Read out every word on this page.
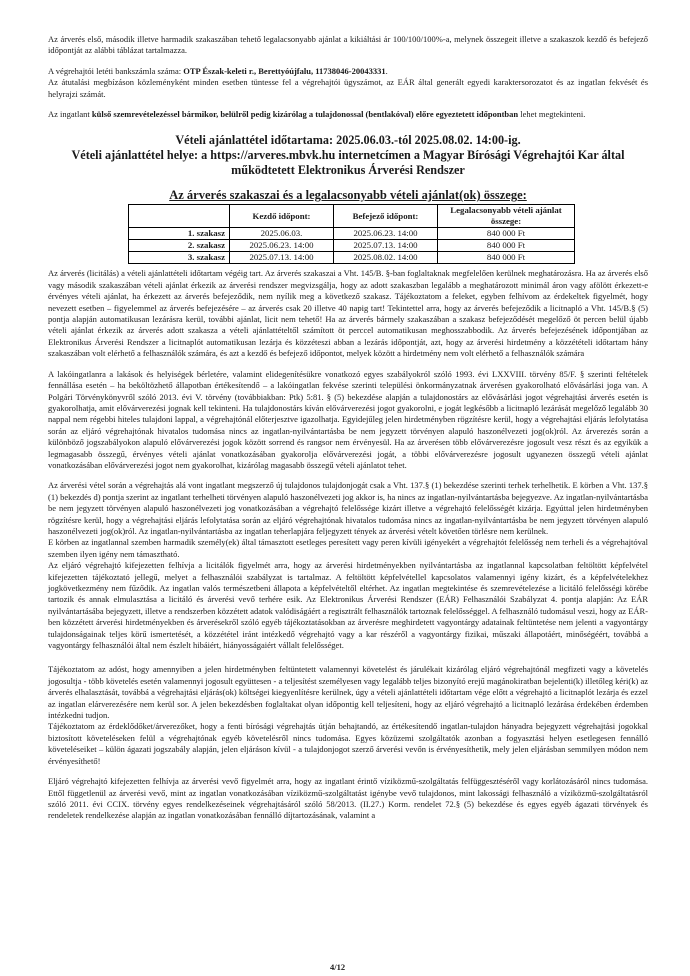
Az árverés első, második illetve harmadik szakaszában tehető legalacsonyabb ajánlat a kikiáltási ár 100/100/100%-a, melynek összegeit illetve a szakaszok kezdő és befejező időpontját az alábbi táblázat tartalmazza.

A végrehajtói letéti bankszámla száma: OTP Észak-keleti r., Berettyóújfalu, 11738046-20043331.

Az átutalási megbízáson közleményként minden esetben tüntesse fel a végrehajtói ügyszámot, az EÁR által generált egyedi karaktersorozatot és az ingatlan fekvését és helyrajzi számát.

Az ingatlant külső szemrevételezéssel bármikor, belülről pedig kizárólag a tulajdonossal (bentlakóval) előre egyeztetett időpontban lehet megtekinteni.

Vételi ajánlattétel időtartama: 2025.06.03.-tól 2025.08.02. 14:00-ig.
Vételi ajánlattétel helye: a https://arveres.mbvk.hu internetcímen a Magyar Bírósági Végrehajtói Kar által működtetett Elektronikus Árverési Rendszer
Az árverés szakaszai és a legalacsonyabb vételi ajánlat(ok) összege:
	Kezdő időpont:	Befejező időpont:	Legalacsonyabb vételi ajánlat összege:
1. szakasz	2025.06.03.	2025.06.23. 14:00	840 000 Ft
2. szakasz	2025.06.23. 14:00	2025.07.13. 14:00	840 000 Ft
3. szakasz	2025.07.13. 14:00	2025.08.02. 14:00	840 000 Ft

Az árverés (licitálás) a vételi ajánlattételi időtartam végéig tart. Az árverés szakaszai a Vht. 145/B. §-ban foglaltaknak megfelelően kerülnek meghatározásra. Ha az árverés első vagy második szakaszában vételi ajánlat érkezik az árverési rendszer megvizsgálja, hogy az adott szakaszban legalább a meghatározott minimál áron vagy afölött érkezett-e érvényes vételi ajánlat, ha érkezett az árverés befejeződik, nem nyílik meg a következő szakasz. Tájékoztatom a feleket, egyben felhívom az érdekeltek figyelmét, hogy nevezett esetben – figyelemmel az árverés befejezésére – az árverés csak 20 illetve 40 napig tart! Tekintettel arra, hogy az árverés befejeződik a licitnapló a Vht. 145/B.§ (5) pontja alapján automatikusan lezárásra kerül, további ajánlat, licit nem tehető! Ha az árverés bármely szakaszában a szakasz befejeződését megelőző öt percen belül újabb vételi ajánlat érkezik az árverés adott szakasza a vételi ajánlattételtől számított öt perccel automatikusan meghosszabbodik. Az árverés befejezésének időpontjában az Elektronikus Árverési Rendszer a licitnaplót automatikusan lezárja és közzéteszi abban a lezárás időpontját, azt, hogy az árverési hirdetmény a közzétételi időtartam hány szakaszában volt elérhető a felhasználók számára, és azt a kezdő és befejező időpontot, melyek között a hirdetmény nem volt elérhető a felhasználók számára

A lakóingatlanra a lakások és helyiségek bérletére, valamint elidegenítésükre vonatkozó egyes szabályokról szóló 1993. évi LXXVIII. törvény 85/F. § szerinti feltételek fennállása esetén – ha beköltözhető állapotban értékesítendő – a lakóingatlan fekvése szerinti települési önkormányzatnak árverésen gyakorolható elővásárlási joga van. A Polgári Törvénykönyvről szóló 2013. évi V. törvény (továbbiakban: Ptk) 5:81. § (5) bekezdése alapján a tulajdonostárs az elővásárlási jogot végrehajtási árverés esetén is gyakorolhatja, amit elővárverezési jognak kell tekinteni. Ha tulajdonostárs kíván elővárverezési jogot gyakorolni, e jogát legkésőbb a licitnapló lezárását megelőző legalább 30 nappal nem régebbi hiteles tulajdoni lappal, a végrehajtónál előterjesztve igazolhatja. Egyidejűleg jelen hirdetményben rögzítésre kerül, hogy a végrehajtási eljárás lefolytatása során az eljáró végrehajtónak hivatalos tudomása nincs az ingatlan-nyilvántartásba be nem jegyzett törvényen alapuló haszonélvezeti jog(ok)ról. Az árverezés során a különböző jogszabályokon alapuló elővárverezési jogok között sorrend és rangsor nem érvényesül. Ha az árverésen több elővárverezésre jogosult vesz részt és az egyikük a legmagasabb összegű, érvényes vételi ajánlat vonatkozásában gyakorolja elővárverezési jogát, a többi elővárverezésre jogosult ugyanezen összegű vételi ajánlat vonatkozásában elővárverezési jogot nem gyakorolhat, kizárólag magasabb összegű vételi ajánlatot tehet.

Az árverési vétel során a végrehajtás alá vont ingatlant megszerző új tulajdonos tulajdonjogát csak a Vht. 137.§ (1) bekezdése szerinti terhek terhelhetik. E körben a Vht. 137.§ (1) bekezdés d) pontja szerint az ingatlant terhelheti törvényen alapuló haszonélvezeti jog akkor is, ha nincs az ingatlan-nyilvántartásba bejegyezve. Az ingatlan-nyilvántartásba be nem jegyzett törvényen alapuló haszonélvezeti jog vonatkozásában a végrehajtó felelőssége kizárt illetve a végrehajtó felelősségét kizárja. Egyúttal jelen hirdetményben rögzítésre kerül, hogy a végrehajtási eljárás lefolytatása során az eljáró végrehajtónak hivatalos tudomása nincs az ingatlan-nyilvántartásba be nem jegyzett törvényen alapuló haszonélvezeti jog(ok)ról. Az ingatlan-nyilvántartásba az ingatlan teherlapjára feljegyzett tények az árverési vételt követően törlésre nem kerülnek.

E körben az ingatlannal szemben harmadik személy(ek) által támasztott esetleges peresített vagy peren kívüli igényekért a végrehajtót felelősség nem terheli és a végrehajtóval szemben ilyen igény nem támasztható.

Az eljáró végrehajtó kifejezetten felhívja a licitálók figyelmét arra, hogy az árverési hirdetményekben nyilvántartásba az ingatlannal kapcsolatban feltöltött képfelvétel kifejezetten tájékoztató jellegű, melyet a felhasználói szabályzat is tartalmaz. A feltöltött képfelvétellel kapcsolatos valamennyi igény kizárt, és a képfelvételekhez jogkövetkezmény nem fűződik. Az ingatlan valós természetbeni állapota a képfelvételtől eltérhet. Az ingatlan megtekintése és szemrevételezése a licitáló felelősségi körébe tartozik és annak elmulasztása a licitáló és árverési vevő terhére esik. Az Elektronikus Árverési Rendszer (EÁR) Felhasználói Szabályzat 4. pontja alapján: Az EÁR nyilvántartásába bejegyzett, illetve a rendszerben közzétett adatok valódiságáért a regisztrált felhasználók tartoznak felelősséggel. A felhasználó tudomásul veszi, hogy az EÁR-ben közzétett árverési hirdetményekben és árverésekről szóló egyéb tájékoztatásokban az árverésre meghirdetett vagyontárgy adatainak feltüntetése nem jelenti a vagyontárgy tulajdonságainak teljes körű ismertetését, a közzététel iránt intézkedő végrehajtó vagy a kar részéről a vagyontárgy fizikai, műszaki állapotáért, minőségéért, továbbá a vagyontárgy felhasználói által nem észlelt hibáiért, hiányosságaiért vállalt felelősséget.

Tájékoztatom az adóst, hogy amennyiben a jelen hirdetményben feltüntetett valamennyi követelést és járulékait kizárólag eljáró végrehajtónál megfizeti vagy a követelés jogosultja - több követelés esetén valamennyi jogosult együttesen - a teljesítést személyesen vagy legalább teljes bizonyító erejű magánokiratban bejelenti(k) illetőleg kéri(k) az árverés elhalasztását, továbbá a végrehajtási eljárás(ok) költségei kiegyenlítésre kerülnek, úgy a vételi ajánlattételi időtartam vége előtt a végrehajtó a licitnaplót lezárja és ezzel az ingatlan elárverezésére nem kerül sor. A jelen bekezdésben foglaltakat olyan időpontig kell teljesíteni, hogy az eljáró végrehajtó a licitnapló lezárása érdekében érdemben intézkedni tudjon.

Tájékoztatom az érdeklődőket/árverezőket, hogy a fenti bírósági végrehajtás útján behajtandó, az értékesítendő ingatlan-tulajdon hányadra bejegyzett végrehajtási jogokkal biztosított követeléseken felül a végrehajtónak egyéb követelésről nincs tudomása. Egyes közüzemi szolgáltatók azonban a fogyasztási helyen esetlegesen fennálló követeléseiket – külön ágazati jogszabály alapján, jelen eljáráson kívül - a tulajdonjogot szerző árverési vevőn is érvényesíthetik, mely jelen eljárásban semmilyen módon nem érvényesíthető!

Eljáró végrehajtó kifejezetten felhívja az árverési vevő figyelmét arra, hogy az ingatlant érintő víziközmű-szolgáltatás felfüggesztéséről vagy korlátozásáról nincs tudomása. Ettől függetlenül az árverési vevő, mint az ingatlan vonatkozásában víziközmű-szolgáltatást igénybe vevő tulajdonos, mint lakossági felhasználó a víziközmű-szolgáltatásról szóló 2011. évi CCIX. törvény egyes rendelkezéseinek végrehajtásáról szóló 58/2013. (II.27.) Korm. rendelet 72.§ (5) bekezdése és egyes egyéb ágazati törvények és rendeletek rendelkezése alapján az ingatlan vonatkozásában fennálló díjtartozásának, valamint a

4/12
